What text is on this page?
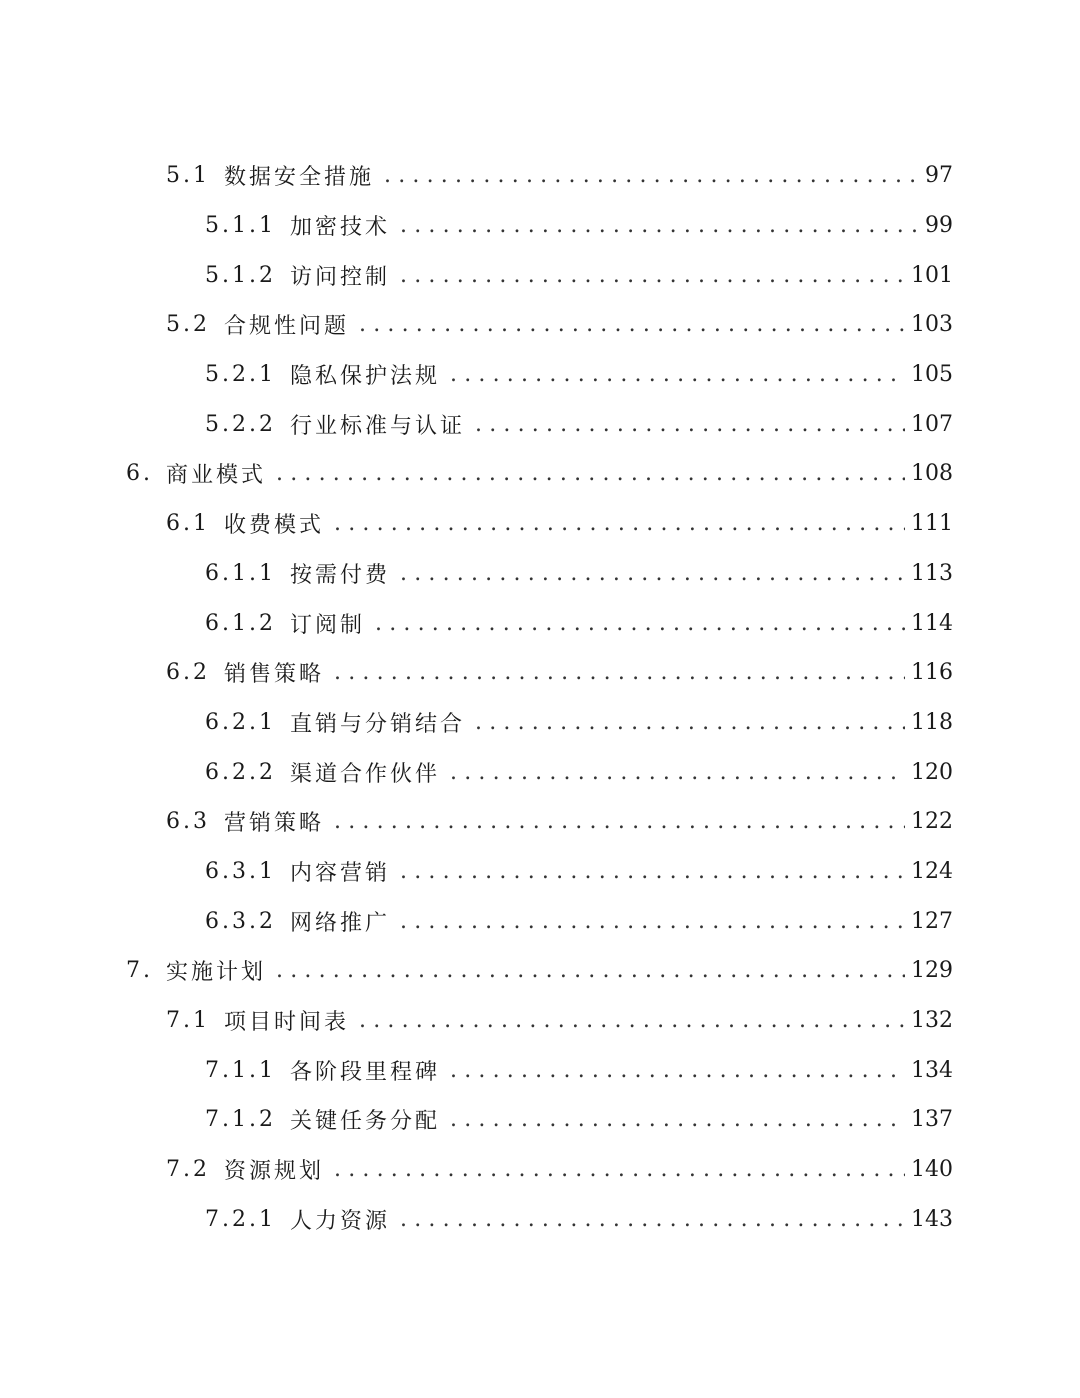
5.1 数据安全措施 .....	97
5.1.1 加密技术 .....	99
5.1.2 访问控制 .....	101
5.2 合规性问题 .....	103
5.2.1 隐私保护法规 .....	105
5.2.2 行业标准与认证 .....	107
6. 商业模式 .....	108
6.1 收费模式 .....	111
6.1.1 按需付费 .....	113
6.1.2 订阅制 .....	114
6.2 销售策略 .....	116
6.2.1 直销与分销结合 .....	118
6.2.2 渠道合作伙伴 .....	120
6.3 营销策略 .....	122
6.3.1 内容营销 .....	124
6.3.2 网络推广 .....	127
7. 实施计划 .....	129
7.1 项目时间表 .....	132
7.1.1 各阶段里程碑 .....	134
7.1.2 关键任务分配 .....	137
7.2 资源规划 .....	140
7.2.1 人力资源 .....	143
